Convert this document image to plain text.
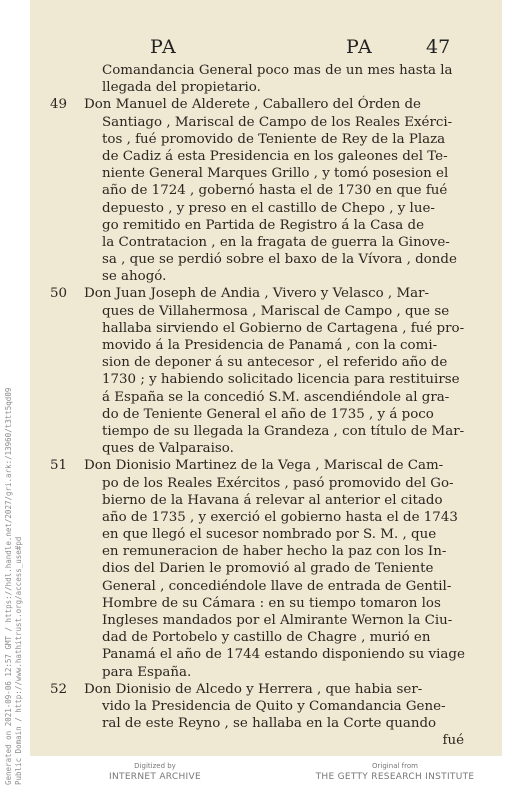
PA	PA	47
Comandancia General poco mas de un mes hasta la
llegada del propietario.
49 Don Manuel de Alderete , Caballero del Órden de
Santiago , Mariscal de Campo de los Reales Exérci-
tos , fué promovido de Teniente de Rey de la Plaza
de Cadiz á esta Presidencia en los galeones del Te-
niente General Marques Grillo , y tomó posesion el
año de 1724 , gobernó hasta el de 1730 en que fué
depuesto , y preso en el castillo de Chepo , y lue-
go remitido en Partida de Registro á la Casa de
la Contratacion , en la fragata de guerra la Ginove-
sa , que se perdió sobre el baxo de la Vívora , donde
se ahogó.
50 Don Juan Joseph de Andia , Vivero y Velasco , Mar-
ques de Villahermosa , Mariscal de Campo , que se
hallaba sirviendo el Gobierno de Cartagena , fué pro-
movido á la Presidencia de Panamá , con la comi-
sion de deponer á su antecesor , el referido año de
1730 ; y habiendo solicitado licencia para restituirse
á España se la concedió S.M. ascendiéndole al gra-
do de Teniente General el año de 1735 , y á poco
tiempo de su llegada la Grandeza , con título de Mar-
ques de Valparaiso.
51 Don Dionisio Martinez de la Vega , Mariscal de Cam-
po de los Reales Exércitos , pasó promovido del Go-
bierno de la Havana á relevar al anterior el citado
año de 1735 , y exerció el gobierno hasta el de 1743
en que llegó el sucesor nombrado por S. M. , que
en remuneracion de haber hecho la paz con los In-
dios del Darien le promovió al grado de Teniente
General , concediéndole llave de entrada de Gentil-
Hombre de su Cámara : en su tiempo tomaron los
Ingleses mandados por el Almirante Wernon la Ciu-
dad de Portobelo y castillo de Chagre , murió en
Panamá el año de 1744 estando disponiendo su viage
para España.
52 Don Dionisio de Alcedo y Herrera , que habia ser-
vido la Presidencia de Quito y Comandancia Gene-
ral de este Reyno , se hallaba en la Corte quando
fué
Generated on 2021-09-06 12:57 GMT / https://hdl.handle.net/2027/gri.ark:/13960/t3tt5qd09 Public Domain / http://www.hathitrust.org/access_use#pd	Digitized by
INTERNET ARCHIVE
Original from
THE GETTY RESEARCH INSTITUTE
